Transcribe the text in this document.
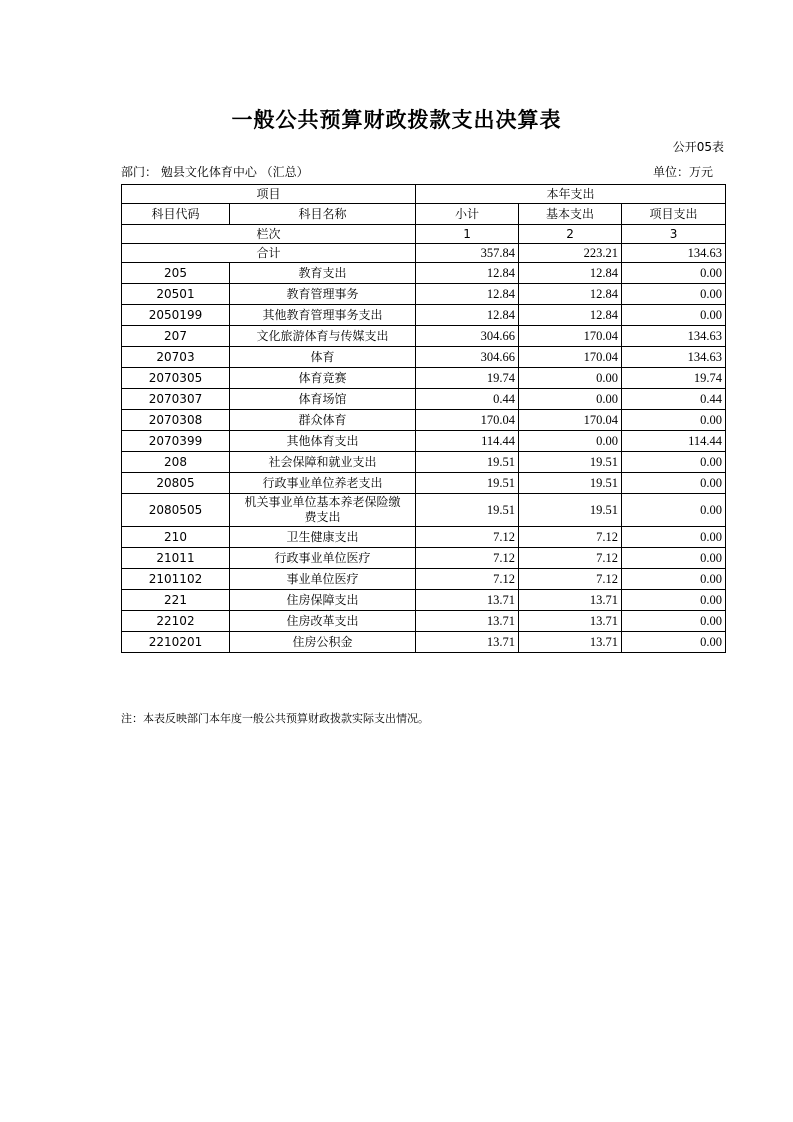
一般公共预算财政拨款支出决算表
公开05表
部门： 勉县文化体育中心 （汇总）	单位：万元
项目		本年支出		
科目代码	科目名称	小计	基本支出	项目支出
栏次		1	2	3
合计		357.84	223.21	134.63
205	教育支出	12.84	12.84	0.00
20501	教育管理事务	12.84	12.84	0.00
2050199	其他教育管理事务支出	12.84	12.84	0.00
207	文化旅游体育与传媒支出	304.66	170.04	134.63
20703	体育	304.66	170.04	134.63
2070305	体育竞赛	19.74	0.00	19.74
2070307	体育场馆	0.44	0.00	0.44
2070308	群众体育	170.04	170.04	0.00
2070399	其他体育支出	114.44	0.00	114.44
208	社会保障和就业支出	19.51	19.51	0.00
20805	行政事业单位养老支出	19.51	19.51	0.00
2080505	机关事业单位基本养老保险缴费支出	19.51	19.51	0.00
210	卫生健康支出	7.12	7.12	0.00
21011	行政事业单位医疗	7.12	7.12	0.00
2101102	事业单位医疗	7.12	7.12	0.00
221	住房保障支出	13.71	13.71	0.00
22102	住房改革支出	13.71	13.71	0.00
2210201	住房公积金	13.71	13.71	0.00
注：本表反映部门本年度一般公共预算财政拨款实际支出情况。
